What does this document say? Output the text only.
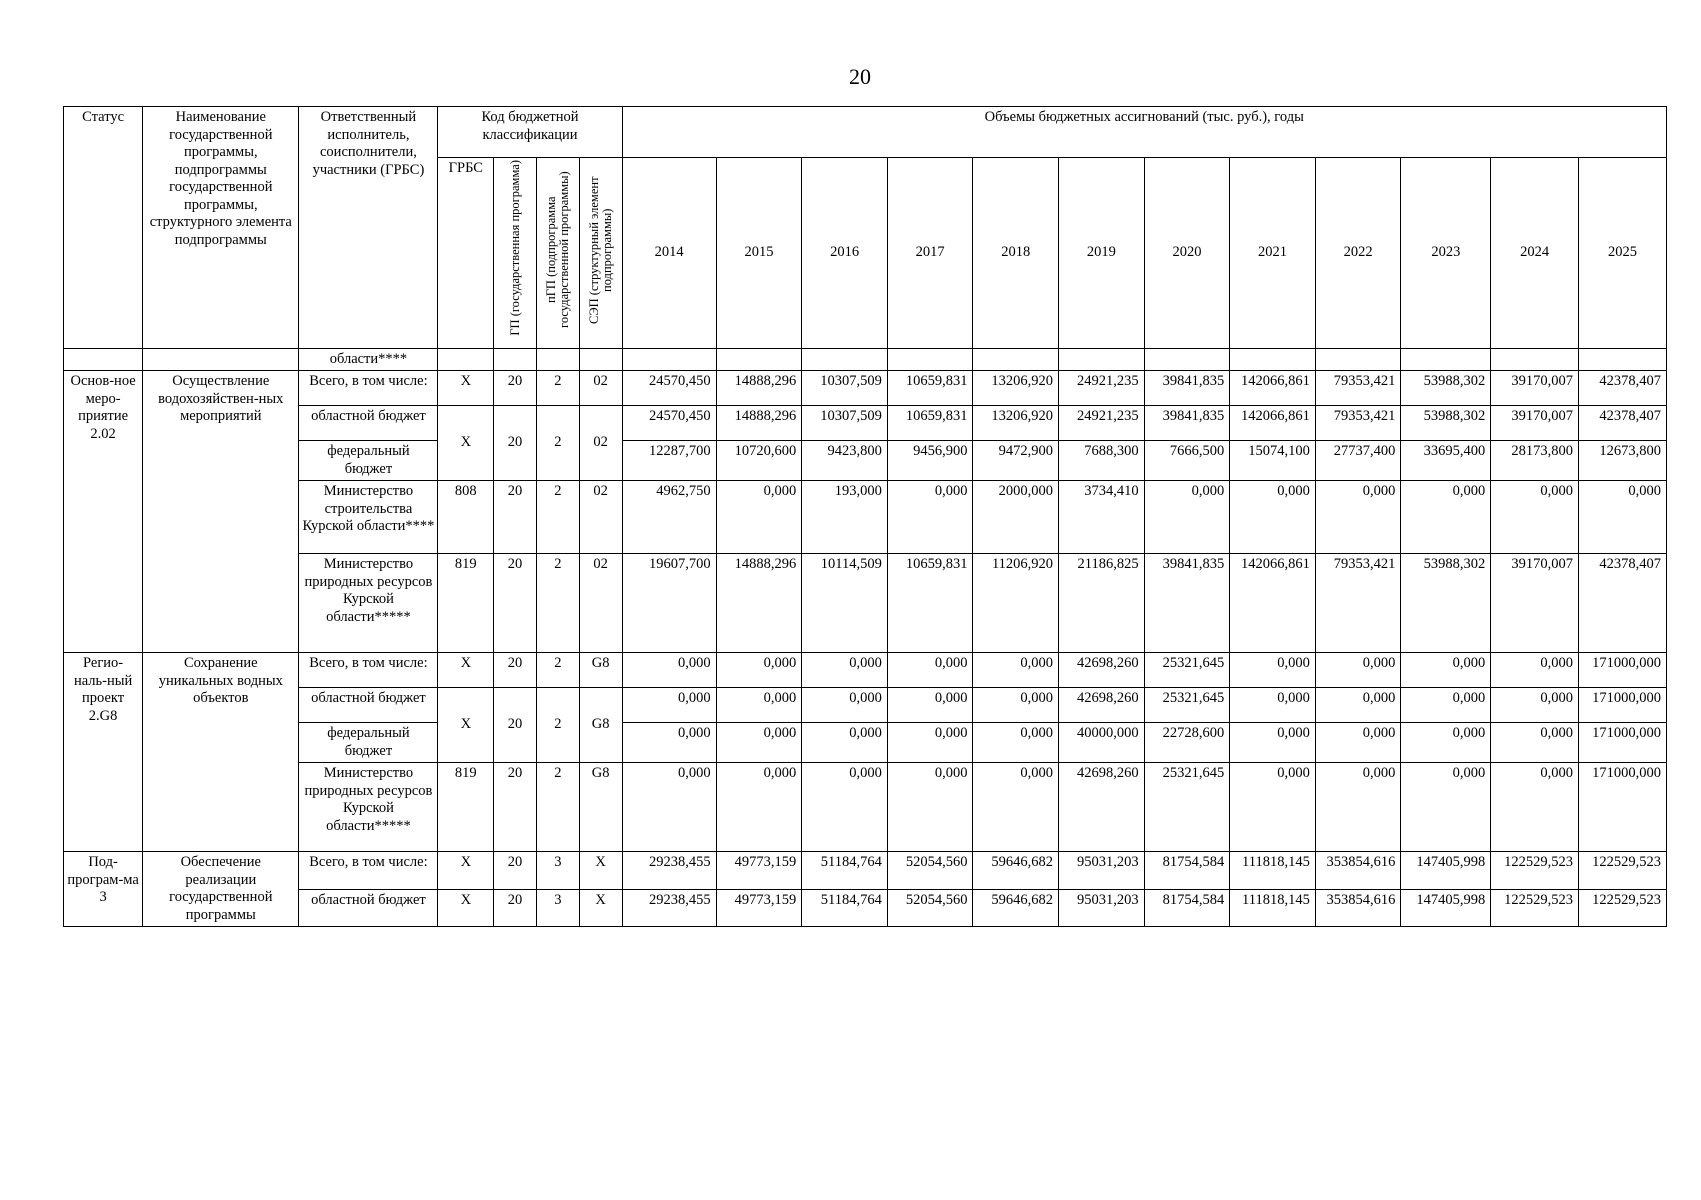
20
Статус	Наименование государственной программы, подпрограммы государственной программы, структурного элемента подпрограммы	Ответственный исполнитель, соисполнители, участники (ГРБС)	Код бюджетной классификации				Объемы бюджетных ассигнований (тыс. руб.), годы											
			ГРБС	ГП (государственная программа)	пГП (подпрограмма государственной программы)	СЭП (структурный элемент подпрограммы)	2014	2015	2016	2017	2018	2019	2020	2021	2022	2023	2024	2025
		области****																
Основ-ное меро-приятие 2.02	Осуществление водохозяйствен-ных мероприятий	Всего, в том числе:	Х	20	2	02	24570,450	14888,296	10307,509	10659,831	13206,920	24921,235	39841,835	142066,861	79353,421	53988,302	39170,007	42378,407
		областной бюджет	Х	20	2	02	24570,450	14888,296	10307,509	10659,831	13206,920	24921,235	39841,835	142066,861	79353,421	53988,302	39170,007	42378,407
		федеральный бюджет					12287,700	10720,600	9423,800	9456,900	9472,900	7688,300	7666,500	15074,100	27737,400	33695,400	28173,800	12673,800
		Министерство строительства Курской области****	808	20	2	02	4962,750	0,000	193,000	0,000	2000,000	3734,410	0,000	0,000	0,000	0,000	0,000	0,000
		Министерство природных ресурсов Курской области*****	819	20	2	02	19607,700	14888,296	10114,509	10659,831	11206,920	21186,825	39841,835	142066,861	79353,421	53988,302	39170,007	42378,407
Регио-наль-ный проект 2.G8	Сохранение уникальных водных объектов	Всего, в том числе:	Х	20	2	G8	0,000	0,000	0,000	0,000	0,000	42698,260	25321,645	0,000	0,000	0,000	0,000	171000,000
		областной бюджет	Х	20	2	G8	0,000	0,000	0,000	0,000	0,000	42698,260	25321,645	0,000	0,000	0,000	0,000	171000,000
		федеральный бюджет					0,000	0,000	0,000	0,000	0,000	40000,000	22728,600	0,000	0,000	0,000	0,000	171000,000
		Министерство природных ресурсов Курской области*****	819	20	2	G8	0,000	0,000	0,000	0,000	0,000	42698,260	25321,645	0,000	0,000	0,000	0,000	171000,000
Под-програм-ма 3	Обеспечение реализации государственной программы	Всего, в том числе:	Х	20	3	Х	29238,455	49773,159	51184,764	52054,560	59646,682	95031,203	81754,584	111818,145	353854,616	147405,998	122529,523	122529,523
		областной бюджет	Х	20	3	Х	29238,455	49773,159	51184,764	52054,560	59646,682	95031,203	81754,584	111818,145	353854,616	147405,998	122529,523	122529,523
